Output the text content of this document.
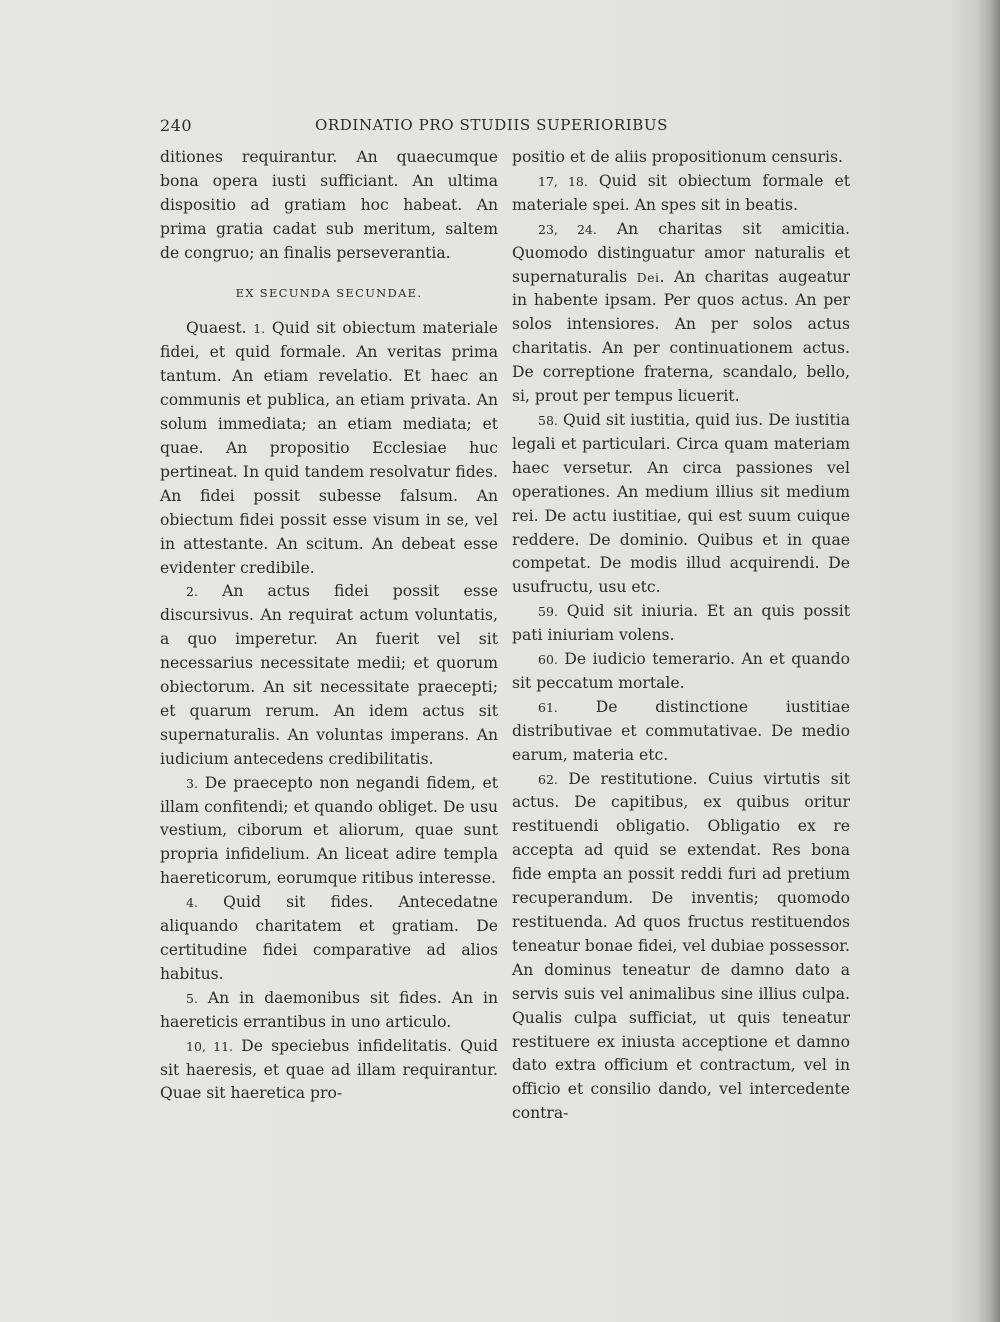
240	ORDINATIO PRO STUDIIS SUPERIORIBUS

ditiones requirantur. An quaecumque bona opera iusti sufficiant. An ultima dispositio ad gratiam hoc habeat. An prima gratia cadat sub meritum, saltem de congruo; an finalis perseverantia.

EX SECUNDA SECUNDAE.

Quaest. 1. Quid sit obiectum materiale fidei, et quid formale. An veritas prima tantum. An etiam revelatio. Et haec an communis et publica, an etiam privata. An solum immediata; an etiam mediata; et quae. An propositio Ecclesiae huc pertineat. In quid tandem resolvatur fides. An fidei possit subesse falsum. An obiectum fidei possit esse visum in se, vel in attestante. An scitum. An debeat esse evidenter credibile.

2. An actus fidei possit esse discursivus. An requirat actum voluntatis, a quo imperetur. An fuerit vel sit necessarius necessitate medii; et quorum obiectorum. An sit necessitate praecepti; et quarum rerum. An idem actus sit supernaturalis. An voluntas imperans. An iudicium antecedens credibilitatis.

3. De praecepto non negandi fidem, et illam confitendi; et quando obliget. De usu vestium, ciborum et aliorum, quae sunt propria infidelium. An liceat adire templa haereticorum, eorumque ritibus interesse.

4. Quid sit fides. Antecedatne aliquando charitatem et gratiam. De certitudine fidei comparative ad alios habitus.

5. An in daemonibus sit fides. An in haereticis errantibus in uno articulo.

10, 11. De speciebus infidelitatis. Quid sit haeresis, et quae ad illam requirantur. Quae sit haeretica pro-

positio et de aliis propositionum censuris.

17, 18. Quid sit obiectum formale et materiale spei. An spes sit in beatis.

23, 24. An charitas sit amicitia. Quomodo distinguatur amor naturalis et supernaturalis Dei. An charitas augeatur in habente ipsam. Per quos actus. An per solos intensiores. An per solos actus charitatis. An per continuationem actus. De correptione fraterna, scandalo, bello, si, prout per tempus licuerit.

58. Quid sit iustitia, quid ius. De iustitia legali et particulari. Circa quam materiam haec versetur. An circa passiones vel operationes. An medium illius sit medium rei. De actu iustitiae, qui est suum cuique reddere. De dominio. Quibus et in quae competat. De modis illud acquirendi. De usufructu, usu etc.

59. Quid sit iniuria. Et an quis possit pati iniuriam volens.

60. De iudicio temerario. An et quando sit peccatum mortale.

61. De distinctione iustitiae distributivae et commutativae. De medio earum, materia etc.

62. De restitutione. Cuius virtutis sit actus. De capitibus, ex quibus oritur restituendi obligatio. Obligatio ex re accepta ad quid se extendat. Res bona fide empta an possit reddi furi ad pretium recuperandum. De inventis; quomodo restituenda. Ad quos fructus restituendos teneatur bonae fidei, vel dubiae possessor. An dominus teneatur de damno dato a servis suis vel animalibus sine illius culpa. Qualis culpa sufficiat, ut quis teneatur restituere ex iniusta acceptione et damno dato extra officium et contractum, vel in officio et consilio dando, vel intercedente contra-
